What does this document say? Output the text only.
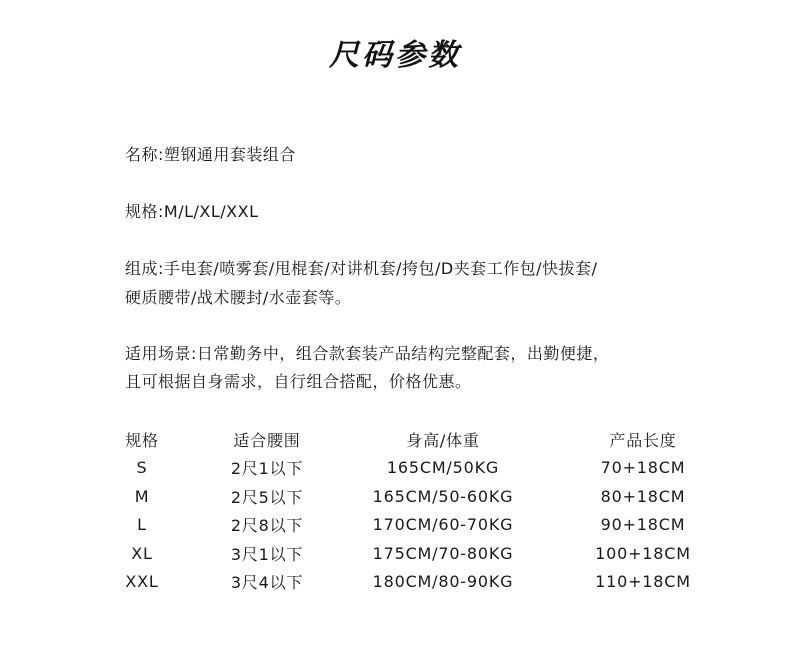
尺码参数
名称:塑钢通用套装组合
规格:M/L/XL/XXL
组成:手电套/喷雾套/甩棍套/对讲机套/挎包/D夹套工作包/快拔套/
硬质腰带/战术腰封/水壶套等。
适用场景:日常勤务中，组合款套装产品结构完整配套，出勤便捷，
且可根据自身需求，自行组合搭配，价格优惠。
规格	适合腰围	身高/体重	产品长度
S	2尺1以下	165CM/50KG	70+18CM
M	2尺5以下	165CM/50-60KG	80+18CM
L	2尺8以下	170CM/60-70KG	90+18CM
XL	3尺1以下	175CM/70-80KG	100+18CM
XXL	3尺4以下	180CM/80-90KG	110+18CM
